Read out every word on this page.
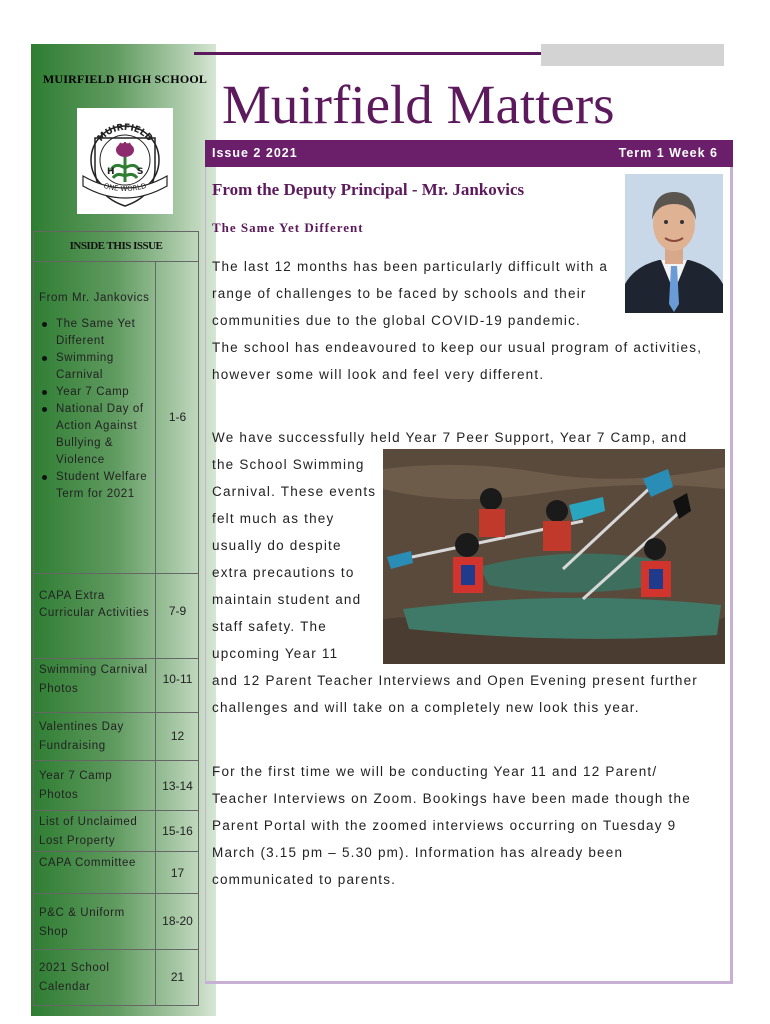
MUIRFIELD HIGH SCHOOL
MUIRFIELD
H S
ONE WORLD
INSIDE THIS ISSUE
From Mr. Jankovics
The Same Yet Different
Swimming Carnival
Year 7 Camp
National Day of Action Against Bullying & Violence
Student Welfare Term for 2021
1-6
CAPA Extra Curricular Activities	7-9
Swimming Carnival Photos
10-11
Valentines Day Fundraising
12
Year 7 Camp Photos
13-14
List of Unclaimed Lost Property
15-16
CAPA Committee
17
P&C & Uniform Shop
18-20
2021 School Calendar
21
Muirfield Matters
Issue 2 2021	Term 1 Week 6
From the Deputy Principal - Mr. Jankovics
The Same Yet Different
The last 12 months has been particularly difficult with a
range of challenges to be faced by schools and their
communities due to the global COVID-19 pandemic.
The school has endeavoured to keep our usual program of activities,
however some will look and feel very different.
We have successfully held Year 7 Peer Support, Year 7 Camp, and
the School Swimming
Carnival. These events
felt much as they
usually do despite
extra precautions to
maintain student and
staff safety. The
upcoming Year 11
and 12 Parent Teacher Interviews and Open Evening present further
challenges and will take on a completely new look this year.
For the first time we will be conducting Year 11 and 12 Parent/
Teacher Interviews on Zoom. Bookings have been made though the
Parent Portal with the zoomed interviews occurring on Tuesday 9
March (3.15 pm – 5.30 pm). Information has already been
communicated to parents.
